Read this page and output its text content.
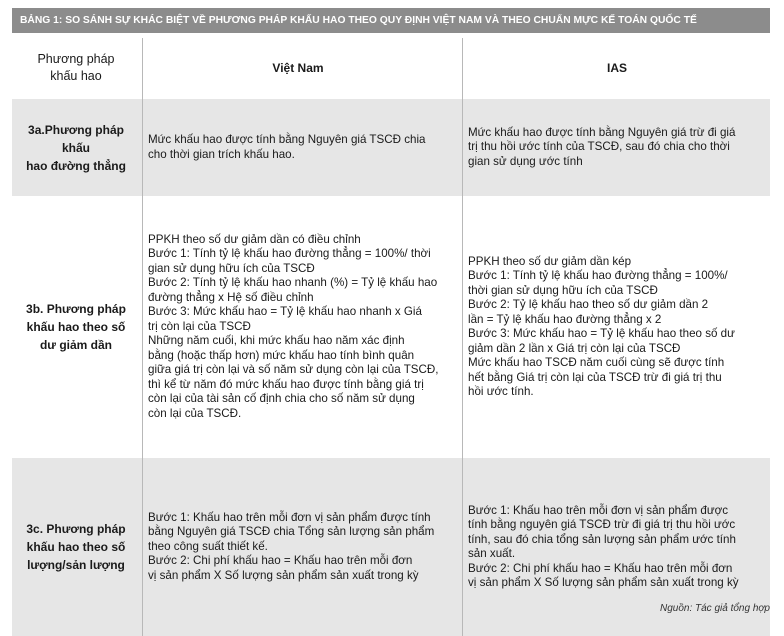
BẢNG 1: SO SÁNH SỰ KHÁC BIỆT VỀ PHƯƠNG PHÁP KHẤU HAO THEO QUY ĐỊNH VIỆT NAM VÀ THEO CHUẨN MỰC KẾ TOÁN QUỐC TẾ
Phương pháp
khấu hao
Việt Nam	IAS
3a.Phương pháp khấu
hao đường thẳng
Mức khấu hao được tính bằng Nguyên giá TSCĐ chia
cho thời gian trích khấu hao.
Mức khấu hao được tính bằng Nguyên giá trừ đi giá
trị thu hồi ước tính của TSCĐ, sau đó chia cho thời
gian sử dụng ước tính
3b. Phương pháp
khấu hao theo số
dư giảm dần
PPKH theo số dư giảm dần có điều chỉnh
Bước 1: Tính tỷ lệ khấu hao đường thẳng = 100%/ thời
gian sử dụng hữu ích của TSCĐ
Bước 2: Tính tỷ lệ khấu hao nhanh (%) = Tỷ lệ khấu hao
đường thẳng x Hệ số điều chỉnh
Bước 3: Mức khấu hao = Tỷ lệ khấu hao nhanh x Giá
trị còn lại của TSCĐ
Những năm cuối, khi mức khấu hao năm xác định
bằng (hoặc thấp hơn) mức khấu hao tính bình quân
giữa giá trị còn lại và số năm sử dụng còn lại của TSCĐ,
thì kể từ năm đó mức khấu hao được tính bằng giá trị
còn lại của tài sản cố định chia cho số năm sử dụng
còn lại của TSCĐ.
PPKH theo số dư giảm dần kép
Bước 1: Tính tỷ lệ khấu hao đường thẳng = 100%/
thời gian sử dụng hữu ích của TSCĐ
Bước 2: Tỷ lệ khấu hao theo số dư giảm dần 2
lần = Tỷ lệ khấu hao đường thẳng x 2
Bước 3: Mức khấu hao = Tỷ lệ khấu hao theo số dư
giảm dần 2 lần x Giá trị còn lại của TSCĐ
Mức khấu hao TSCĐ năm cuối cùng sẽ được tính
hết bằng Giá trị còn lại của TSCĐ trừ đi giá trị thu
hồi ước tính.
3c. Phương pháp
khấu hao theo số
lượng/sản lượng
Bước 1: Khấu hao trên mỗi đơn vị sản phẩm được tính
bằng Nguyên giá TSCĐ chia Tổng sản lượng sản phẩm
theo công suất thiết kế.
Bước 2: Chi phí khấu hao = Khấu hao trên mỗi đơn
vị sản phẩm X Số lượng sản phẩm sản xuất trong kỳ
Bước 1: Khấu hao trên mỗi đơn vị sản phẩm được
tính bằng nguyên giá TSCĐ trừ đi giá trị thu hồi ước
tính, sau đó chia tổng sản lượng sản phẩm ước tính
sản xuất.
Bước 2: Chi phí khấu hao = Khấu hao trên mỗi đơn
vị sản phẩm X Số lượng sản phẩm sản xuất trong kỳ
Nguồn: Tác giả tổng hợp
